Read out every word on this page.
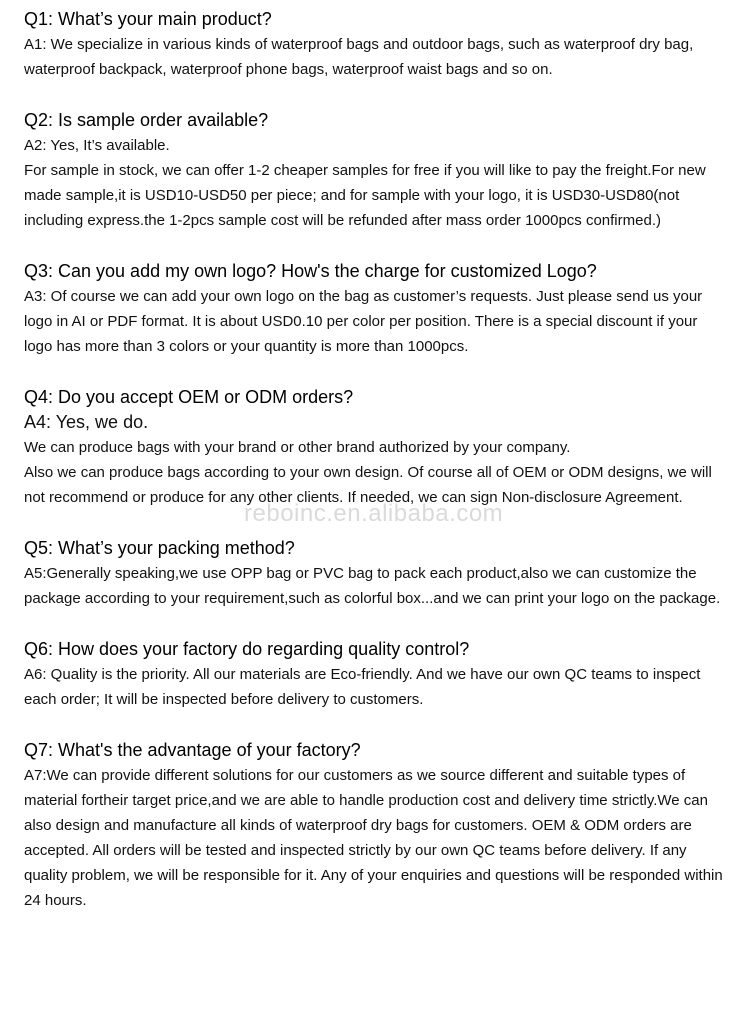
Q1: What’s your main product?

A1: We specialize in various kinds of waterproof bags and outdoor bags, such as waterproof dry bag, waterproof backpack, waterproof phone bags, waterproof waist bags and so on.

Q2: Is sample order available?

A2: Yes, It’s available.

For sample in stock, we can offer 1-2 cheaper samples for free if you will like to pay the freight.For new made sample,it is USD10-USD50 per piece; and for sample with your logo, it is USD30-USD80(not including express.the 1-2pcs sample cost will be refunded after mass order 1000pcs confirmed.)

Q3: Can you add my own logo? How's the charge for customized Logo?

A3: Of course we can add your own logo on the bag as customer’s requests. Just please send us your logo in AI or PDF format. It is about USD0.10 per color per position. There is a special discount if your logo has more than 3 colors or your quantity is more than 1000pcs.

Q4: Do you accept OEM or ODM orders?

A4: Yes, we do.

We can produce bags with your brand or other brand authorized by your company.

Also we can produce bags according to your own design. Of course all of OEM or ODM designs, we will not recommend or produce for any other clients. If needed, we can sign Non-disclosure Agreement.

Q5: What’s your packing method?

A5:Generally speaking,we use OPP bag or PVC bag to pack each product,also we can customize the package according to your requirement,such as colorful box...and we can print your logo on the package.

Q6: How does your factory do regarding quality control?

A6: Quality is the priority. All our materials are Eco-friendly. And we have our own QC teams to inspect each order; It will be inspected before delivery to customers.

Q7: What's the advantage of your factory?

A7:We can provide different solutions for our customers as we source different and suitable types of material fortheir target price,and we are able to handle production cost and delivery time strictly.We can also design and manufacture all kinds of waterproof dry bags for customers. OEM & ODM orders are accepted. All orders will be tested and inspected strictly by our own QC teams before delivery. If any quality problem, we will be responsible for it. Any of your enquiries and questions will be responded within 24 hours.

reboinc.en.alibaba.com
